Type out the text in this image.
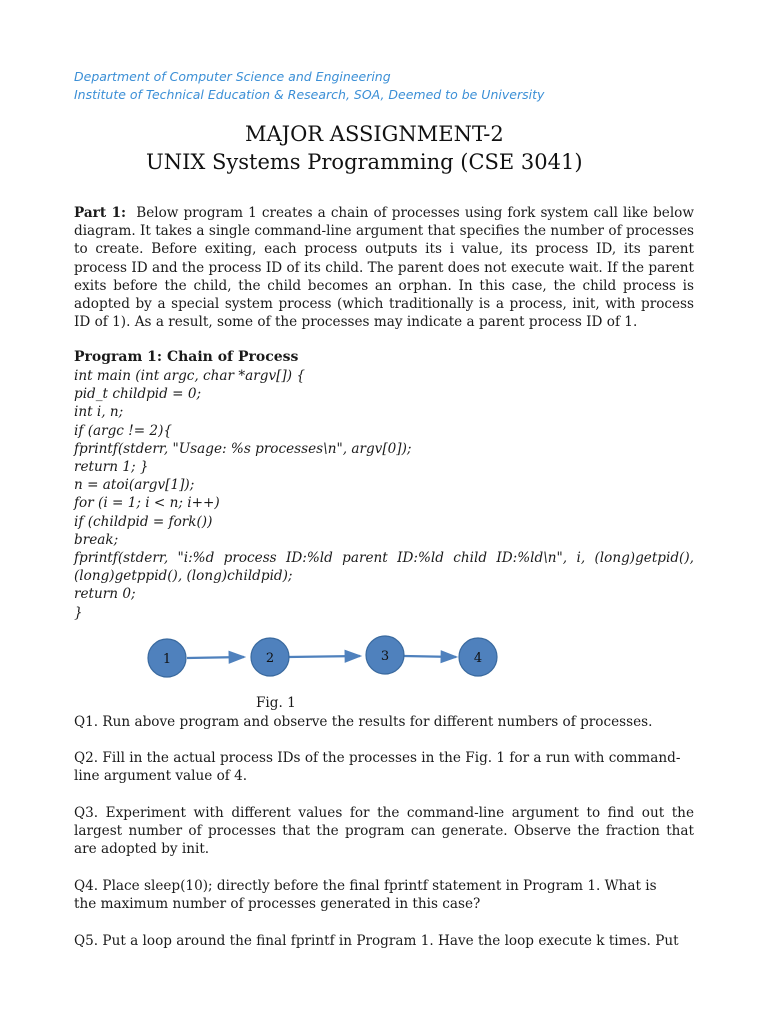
Department of Computer Science and Engineering
Institute of Technical Education & Research, SOA, Deemed to be University
MAJOR ASSIGNMENT-2
UNIX Systems Programming (CSE 3041)
Part 1: Below program 1 creates a chain of processes using fork system call like below diagram. It takes a single command-line argument that specifies the number of processes to create. Before exiting, each process outputs its i value, its process ID, its parent process ID and the process ID of its child. The parent does not execute wait. If the parent exits before the child, the child becomes an orphan. In this case, the child process is adopted by a special system process (which traditionally is a process, init, with process ID of 1). As a result, some of the processes may indicate a parent process ID of 1.
Program 1: Chain of Process
int main (int argc, char *argv[]) {
pid_t childpid = 0;
int i, n;
if (argc != 2){
fprintf(stderr, "Usage: %s processes\n", argv[0]);
return 1; }
n = atoi(argv[1]);
for (i = 1; i < n; i++)
if (childpid = fork())
break;
fprintf(stderr, "i:%d process ID:%ld parent ID:%ld child ID:%ld\n", i, (long)getpid(), (long)getppid(), (long)childpid);
return 0;
}
1	2	3	4
Fig. 1
Q1. Run above program and observe the results for different numbers of processes.
Q2. Fill in the actual process IDs of the processes in the Fig. 1 for a run with command-line argument value of 4.
Q3. Experiment with different values for the command-line argument to find out the largest number of processes that the program can generate. Observe the fraction that are adopted by init.
Q4. Place sleep(10); directly before the final fprintf statement in Program 1. What is the maximum number of processes generated in this case?
Q5. Put a loop around the final fprintf in Program 1. Have the loop execute k times. Put
